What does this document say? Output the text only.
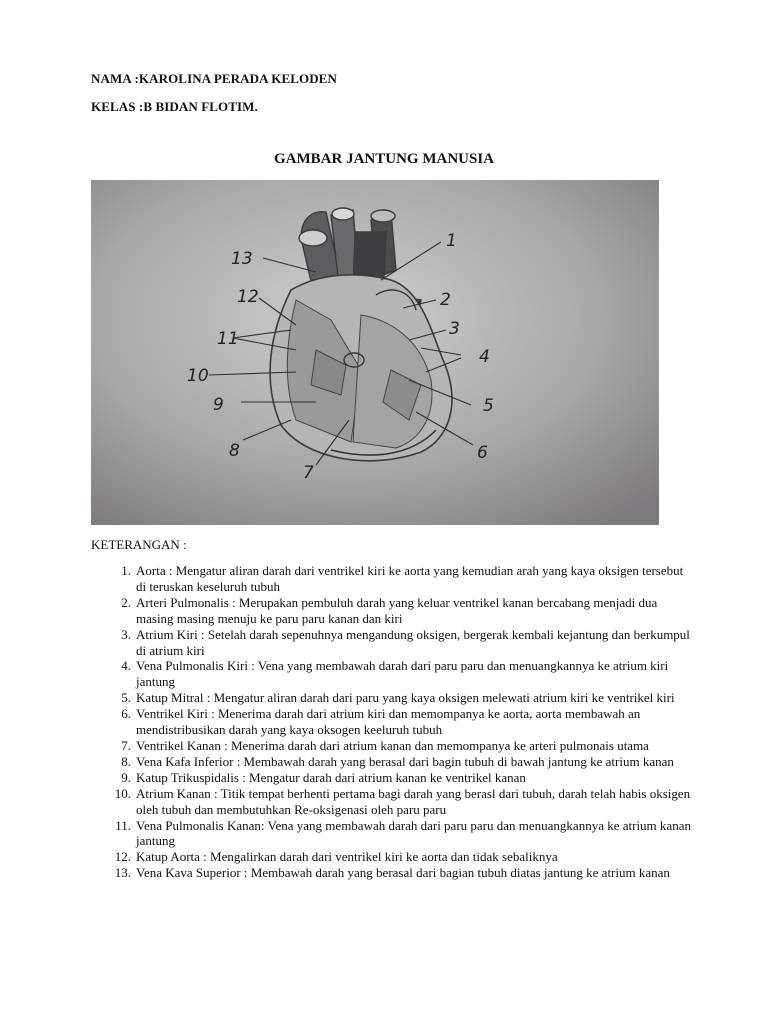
NAMA :KAROLINA PERADA KELODEN
KELAS :B BIDAN FLOTIM.
GAMBAR JANTUNG MANUSIA
1
2
3
4
5
6
7
8
9
10
11
12
13
KETERANGAN :
1. Aorta : Mengatur aliran darah dari ventrikel kiri ke aorta yang kemudian arah yang kaya oksigen tersebut di teruskan keseluruh tubuh
2. Arteri Pulmonalis : Merupakan pembuluh darah yang keluar ventrikel kanan bercabang menjadi dua masing masing menuju ke paru paru kanan dan kiri
3. Atrium Kiri : Setelah darah sepenuhnya mengandung oksigen, bergerak kembali kejantung dan berkumpul di atrium kiri
4. Vena Pulmonalis Kiri : Vena yang membawah darah dari paru paru dan menuangkannya ke atrium kiri jantung
5. Katup Mitral : Mengatur aliran darah dari paru yang kaya oksigen melewati atrium kiri ke ventrikel kiri
6. Ventrikel Kiri : Menerima darah dari atrium kiri dan memompanya ke aorta, aorta membawah an mendistribusikan darah yang kaya oksogen keeluruh tubuh
7. Ventrikel Kanan : Menerima darah dari atrium kanan dan memompanya ke arteri pulmonais utama
8. Vena Kafa Inferior : Membawah darah yang berasal dari bagin tubuh di bawah jantung ke atrium kanan
9. Katup Trikuspidalis : Mengatur darah dari atrium kanan ke ventrikel kanan
10. Atrium Kanan : Titik tempat berhenti pertama bagi darah yang berasl dari tubuh, darah telah habis oksigen oleh tubuh dan membutuhkan Re-oksigenasi oleh paru paru
11. Vena Pulmonalis Kanan: Vena yang membawah darah dari paru paru dan menuangkannya ke atrium kanan jantung
12. Katup Aorta : Mengalirkan darah dari ventrikel kiri ke aorta dan tidak sebaliknya
13. Vena Kava Superior : Membawah darah yang berasal dari bagian tubuh diatas jantung ke atrium kanan
